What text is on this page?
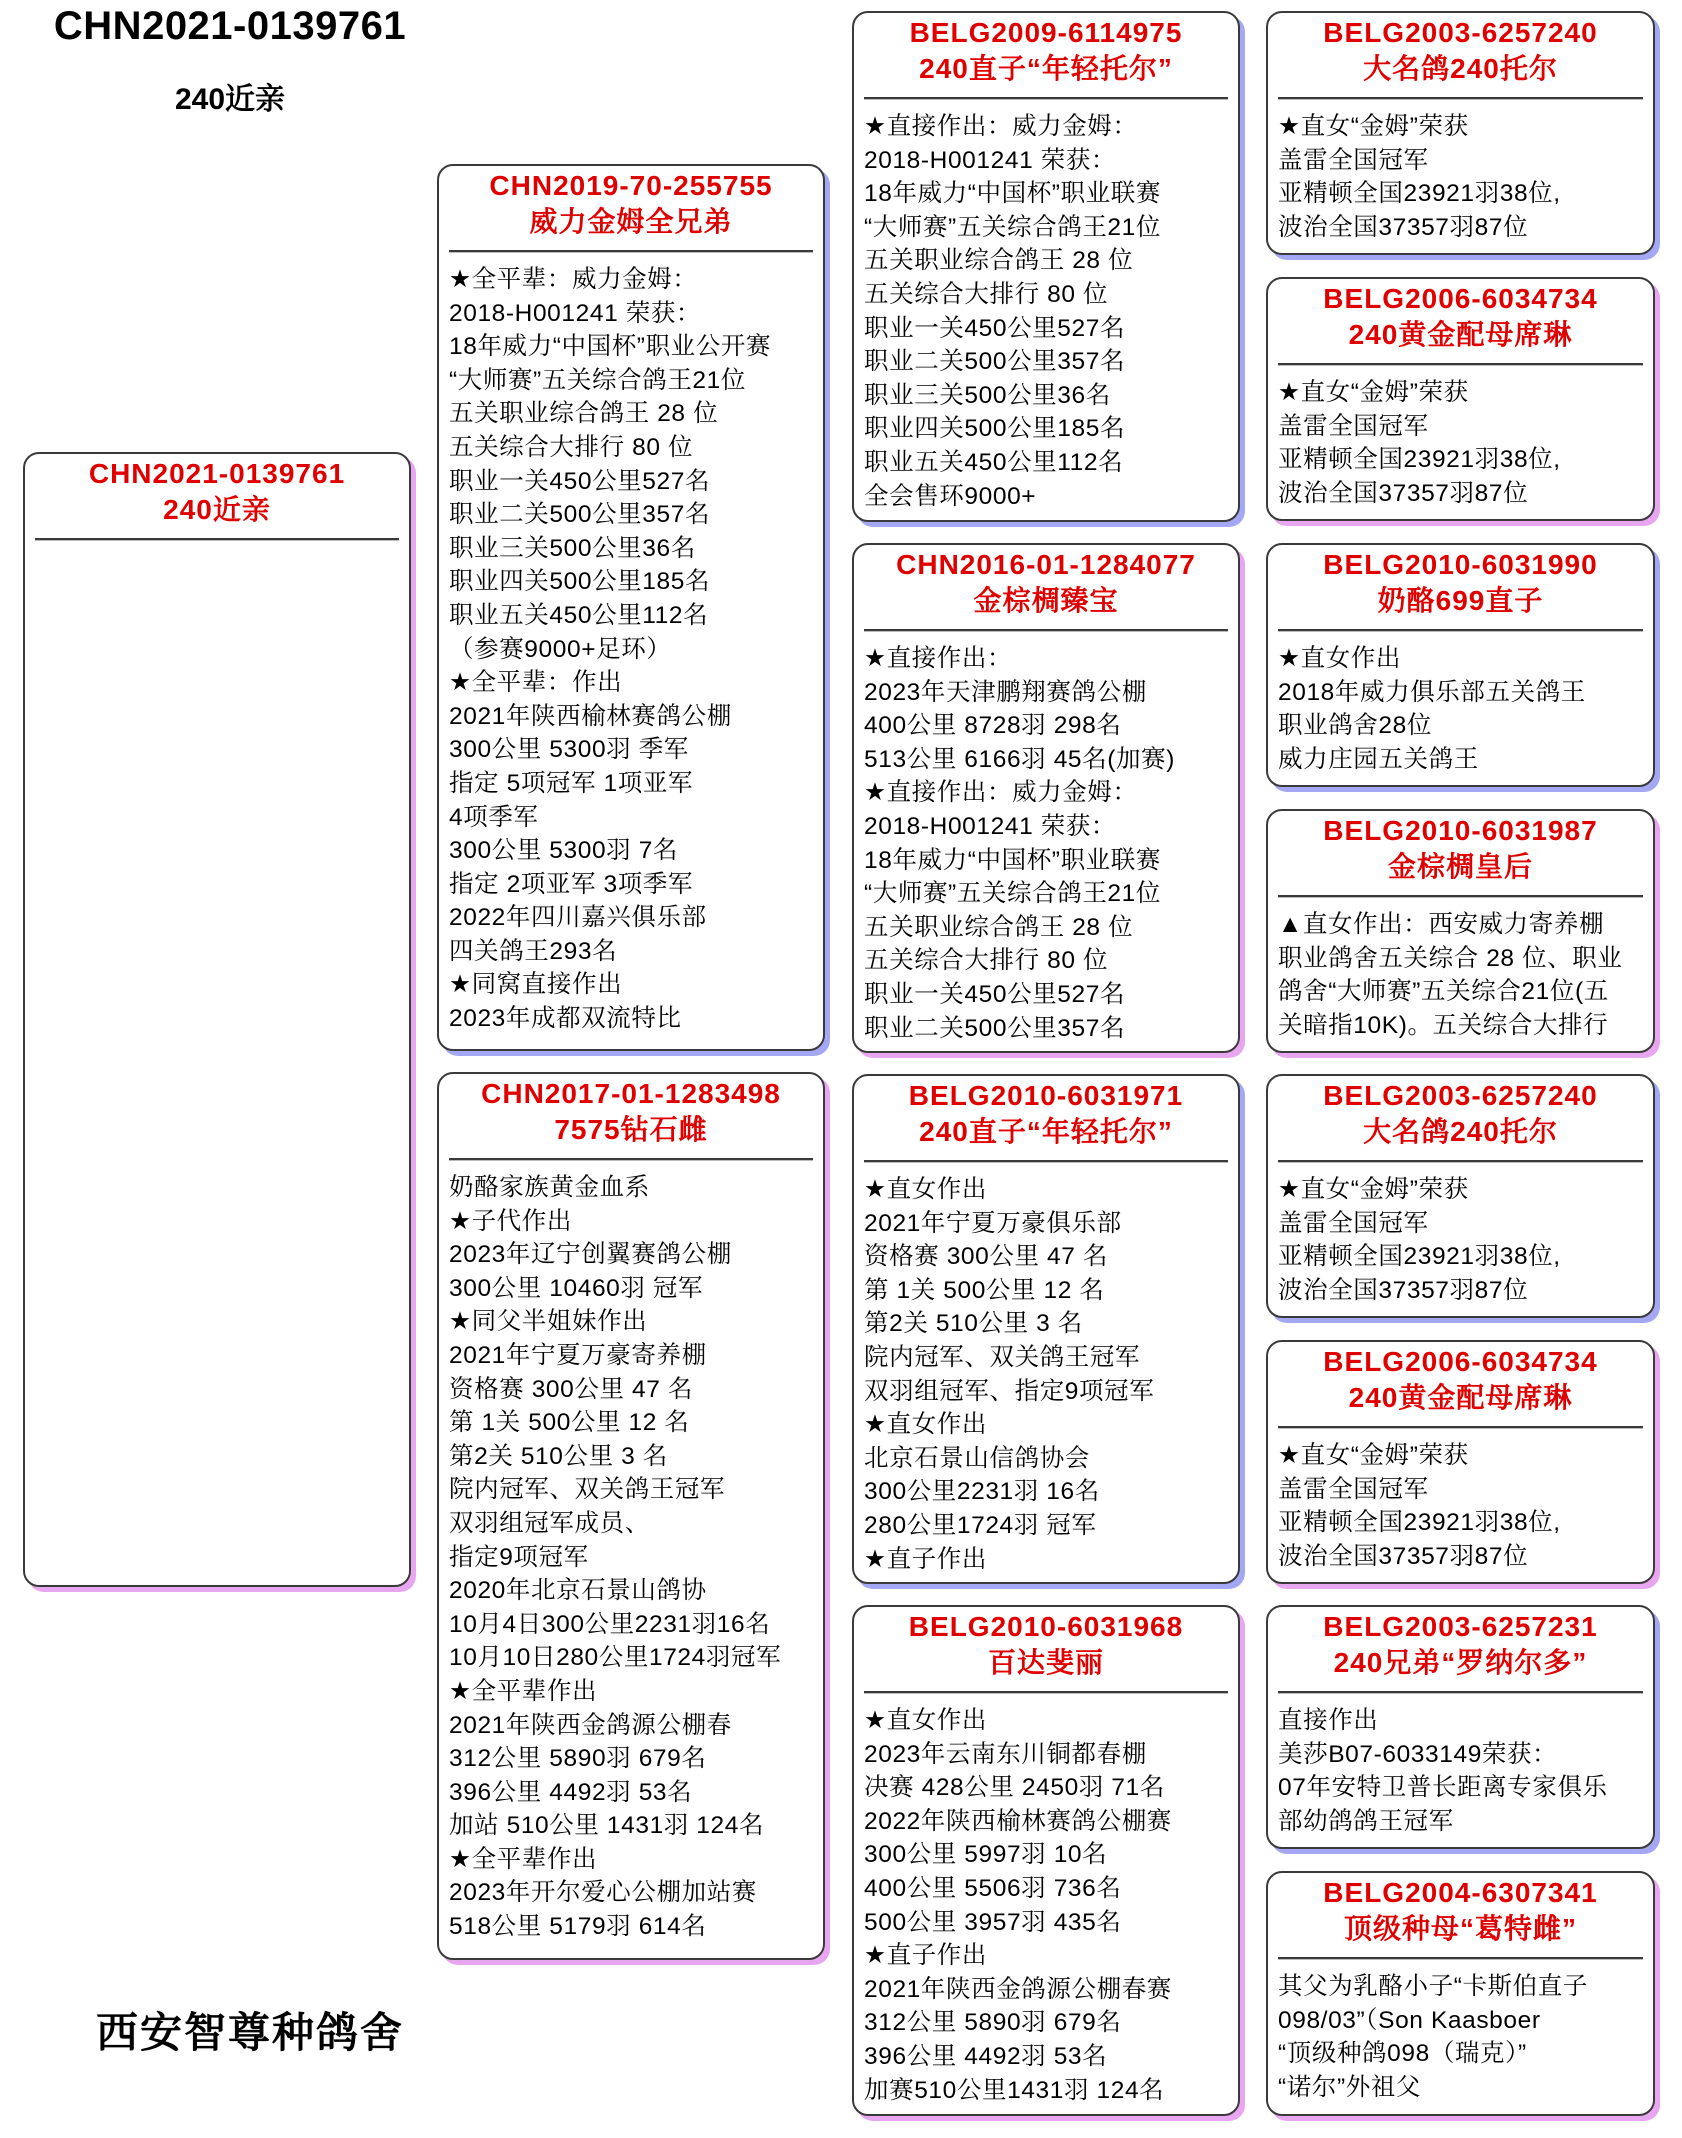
CHN2021-0139761
240近亲
西安智尊种鸽舍
CHN2021-0139761
240近亲
CHN2019-70-255755
威力金姆全兄弟
★全平辈：威力金姆：
2018-H001241 荣获：
18年威力“中国杯”职业公开赛
“大师赛”五关综合鸽王21位
五关职业综合鸽王 28 位
五关综合大排行 80 位
职业一关450公里527名
职业二关500公里357名
职业三关500公里36名
职业四关500公里185名
职业五关450公里112名
（参赛9000+足环）
★全平辈：作出
2021年陕西榆林赛鸽公棚
300公里 5300羽 季军
指定 5项冠军 1项亚军
4项季军
300公里 5300羽 7名
指定 2项亚军 3项季军
2022年四川嘉兴俱乐部
四关鸽王293名
★同窝直接作出
2023年成都双流特比
CHN2017-01-1283498
7575钻石雌
奶酪家族黄金血系
★子代作出
2023年辽宁创翼赛鸽公棚
300公里 10460羽 冠军
★同父半姐妹作出
2021年宁夏万豪寄养棚
资格赛 300公里 47 名
第 1关 500公里 12 名
第2关 510公里 3 名
院内冠军、双关鸽王冠军
双羽组冠军成员、
指定9项冠军
2020年北京石景山鸽协
10月4日300公里2231羽16名
10月10日280公里1724羽冠军
★全平辈作出
2021年陕西金鸽源公棚春
312公里 5890羽 679名
396公里 4492羽 53名
加站 510公里 1431羽 124名
★全平辈作出
2023年开尔爱心公棚加站赛
518公里 5179羽 614名
BELG2009-6114975
240直子“年轻托尔”
★直接作出：威力金姆：
2018-H001241 荣获：
18年威力“中国杯”职业联赛
“大师赛”五关综合鸽王21位
五关职业综合鸽王 28 位
五关综合大排行 80 位
职业一关450公里527名
职业二关500公里357名
职业三关500公里36名
职业四关500公里185名
职业五关450公里112名
全会售环9000+
CHN2016-01-1284077
金棕椆臻宝
★直接作出：
2023年天津鹏翔赛鸽公棚
400公里 8728羽 298名
513公里 6166羽 45名(加赛)
★直接作出：威力金姆：
2018-H001241 荣获：
18年威力“中国杯”职业联赛
“大师赛”五关综合鸽王21位
五关职业综合鸽王 28 位
五关综合大排行 80 位
职业一关450公里527名
职业二关500公里357名
BELG2010-6031971
240直子“年轻托尔”
★直女作出
2021年宁夏万豪俱乐部
资格赛 300公里 47 名
第 1关 500公里 12 名
第2关 510公里 3 名
院内冠军、双关鸽王冠军
双羽组冠军、指定9项冠军
★直女作出
北京石景山信鸽协会
300公里2231羽 16名
280公里1724羽 冠军
★直子作出
BELG2010-6031968
百达斐丽
★直女作出
2023年云南东川铜都春棚
决赛 428公里 2450羽 71名
2022年陕西榆林赛鸽公棚赛
300公里 5997羽 10名
400公里 5506羽 736名
500公里 3957羽 435名
★直子作出
2021年陕西金鸽源公棚春赛
312公里 5890羽 679名
396公里 4492羽 53名
加赛510公里1431羽 124名
BELG2003-6257240
大名鸽240托尔
★直女“金姆”荣获
盖雷全国冠军
亚精顿全国23921羽38位,
波治全国37357羽87位
BELG2006-6034734
240黄金配母席琳
★直女“金姆”荣获
盖雷全国冠军
亚精顿全国23921羽38位,
波治全国37357羽87位
BELG2010-6031990
奶酪699直子
★直女作出
2018年威力俱乐部五关鸽王
职业鸽舍28位
威力庄园五关鸽王
BELG2010-6031987
金棕椆皇后
▲直女作出：西安威力寄养棚
职业鸽舍五关综合 28 位、职业
鸽舍“大师赛”五关综合21位(五
关暗指10K)。五关综合大排行
BELG2003-6257240
大名鸽240托尔
★直女“金姆”荣获
盖雷全国冠军
亚精顿全国23921羽38位,
波治全国37357羽87位
BELG2006-6034734
240黄金配母席琳
★直女“金姆”荣获
盖雷全国冠军
亚精顿全国23921羽38位,
波治全国37357羽87位
BELG2003-6257231
240兄弟“罗纳尔多”
直接作出
美莎B07-6033149荣获：
07年安特卫普长距离专家俱乐
部幼鸽鸽王冠军
BELG2004-6307341
顶级种母“葛特雌”
其父为乳酪小子“卡斯伯直子
098/03”（Son Kaasboer
“顶级种鸽098（瑞克）”
“诺尔”外祖父
